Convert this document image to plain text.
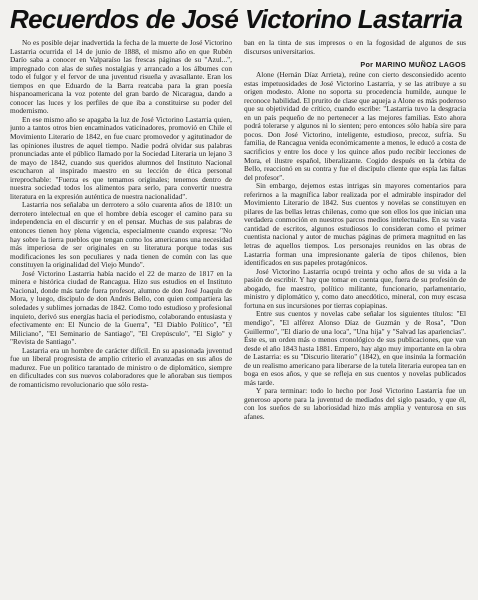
Recuerdos de José Victorino Lastarria

No es posible dejar inadvertida la fecha de la muerte de José Victorino Lastarria ocurrida el 14 de junio de 1888, el mismo año en que Rubén Darío saba a conocer en Valparaíso las frescas páginas de su "Azul...", impregnado con alas de suñes nostalgias y arrancado a los álbumes con todo el fulgor y el fervor de una juventud risueña y avasallante. Eran los tiempos en que Eduardo de la Barra reatcaba para la gran poesía hispanoamericana la voz potente del gran bardo de Nicaragua, dando a conocer las luces y los perfiles de que iba a constituirse su poder del modernismo.

En ese mismo año se apagaba la luz de José Victorino Lastarria quien, junto a tantos otros bien encaminados vaticinadores, promovió en Chile el Movimiento Literario de 1842, en fue cuarc promovedor y agitutinador de las opiniones ilustres de aquel tiempo. Nadie podrá olvidar sus palabras pronunciadas ante el público llamado por la Sociedad Literaria un lejano 3 de mayo de 1842, cuando sus queridos alumnos del Instituto Nacional escucharon al inspirado maestro en su lección de ética personal irreprochable: "Fuerza es que temamos originales; tenemos dentro de nuestra sociedad todos los alimentos para serlo, para convertir nuestra literatura en la expresión auténtica de nuestra nacionalidad".

Lastarria nos señalaba un derrotero a sólo cuarenta años de 1810: un derrotero intelectual en que el hombre debía escoger el camino para su independencia en el discurrir y en el pensar. Muchas de sus palabras de entonces tienen hoy plena vigencia, especialmente cuando expresa: "No hay sobre la tierra pueblos que tengan como los americanos una necesidad más imperiosa de ser originales en su literatura porque todas sus modificaciones les son peculiares y nada tienen de común con las que constituyen la originalidad del Viejo Mundo".

José Victorino Lastarria había nacido el 22 de marzo de 1817 en la minera e histórica ciudad de Rancagua. Hizo sus estudios en el Instituto Nacional, donde más tarde fuera profesor, alumno de don José Joaquín de Mora, y luego, discípulo de don Andrés Bello, con quien compartiera las soledades y sublimes jornadas de 1842. Como todo estudioso y profesional inquieto, derivó sus energías hacia el periodismo, colaborando entusiasta y efectivamente en: El Nuncio de la Guerra", "El Diablo Político", "El Miliciano", "El Seminario de Santiago", "El Crepúsculo", "El Siglo" y "Revista de Santiago".

Lastarria era un hombre de carácter difícil. En su apasionada juventud fue un liberal progresista de amplio criterio el avanzadas en sus años de madurez. Fue un político tarantado de ministro o de diplomático, siempre en dificultades con sus nuevos colaboradores que le añoraban sus tiempos de romanticismo revolucionario que sólo resta-

ban en la tinta de sus impresos o en la fogosidad de algunos de sus discursos universitarios.

Por MARINO MUÑOZ LAGOS

Alone (Hernán Díaz Arrieta), reúne con cierto desconsiedido acento estas impetuosidades de José Victorino Lastarria, y se las atribuye a su origen modesto. Alone no soporta su procedencia humilde, aunque le reconoce habilidad. El prurito de clase que aqueja a Alone es más poderoso que su objetividad de crítico, cuando escribe: "Lastarria tuvo la desgracia en un país pequeño de no pertenecer a las mejores familias. Esto ahora podrá tolerarse y algunos ni lo sienten; pero entonces sólo había sire para pocos. Don José Victorino, inteligente, estudioso, precoz, sufría. Su familia, de Rancagua venida económicamente a menos, le educó a costa de sacrificios y entre los doce y los quince años pudo recibir lecciones de Mora, el ilustre español, liberalizante. Cogido después en la órbita de Bello, reaccionó en su contra y fue el discípulo cliente que espía las faltas del profesor".

Sin embargo, dejemos estas intrigas sin mayores comentarios para referirnos a la magnífica labor realizada por el admirable inspirador del Movimiento Literario de 1842. Sus cuentos y novelas se constituyen en pilares de las bellas letras chilenas, como que son ellos los que inician una verdadera conmoción en nuestros parcos medios intelectuales. En su vasta cantidad de escritos, algunos estudiosos lo consideran como el primer cuentista nacional y autor de muchas páginas de primera magnitud en las letras de aquellos tiempos. Los personajes reunidos en las obras de Lastarria forman una impresionante galería de tipos chilenos, bien identificados en sus papeles protagónicos.

José Victorino Lastarria ocupó treinta y ocho años de su vida a la pasión de escribir. Y hay que tomar en cuenta que, fuera de su profesión de abogado, fue maestro, político militante, funcionario, parlamentario, ministro y diplomático y, como dato anecdótico, mineral, con muy escasa fortuna en sus incursiones por tierras copiapinas.

Entre sus cuentos y novelas cabe señalar los siguientes títulos: "El mendigo", "El alférez Alonso Díaz de Guzmán y de Rosa", "Don Guillermo", "El diario de una loca", "Una hija" y "Salvad las apariencias". Éste es, un orden más o menos cronológico de sus publicaciones, que van desde el año 1843 hasta 1881. Empero, hay algo muy importante en la obra de Lastarria: es su "Discurio literario" (1842), en que insinúa la formación de un realismo americano para liberarse de la tutela literaria europea tan en boga en esos años, y que se refleja en sus cuentos y novelas publicados más tarde.

Y para terminar: todo lo hecho por José Victorino Lastarria fue un generoso aporte para la juventud de mediados del siglo pasado, y que él, con los sueños de su laboriosidad hizo más amplia y venturosa en sus afanes.
